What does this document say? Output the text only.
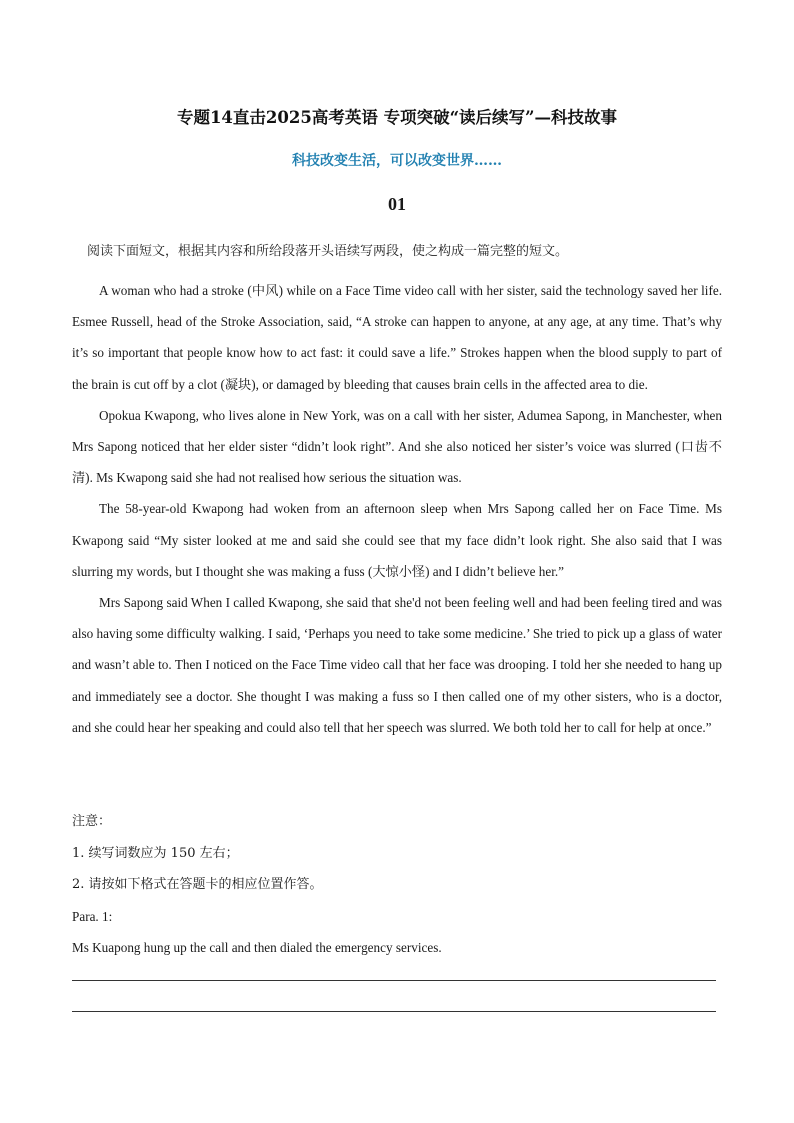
专题14直击2025高考英语 专项突破“读后续写”—科技故事
科技改变生活，可以改变世界……
01
阅读下面短文，根据其内容和所给段落开头语续写两段，使之构成一篇完整的短文。

A woman who had a stroke (中风) while on a Face Time video call with her sister, said the technology saved her life. Esmee Russell, head of the Stroke Association, said, “A stroke can happen to anyone, at any age, at any time. That’s why it’s so important that people know how to act fast: it could save a life.” Strokes happen when the blood supply to part of the brain is cut off by a clot (凝块), or damaged by bleeding that causes brain cells in the affected area to die.

Opokua Kwapong, who lives alone in New York, was on a call with her sister, Adumea Sapong, in Manchester, when Mrs Sapong noticed that her elder sister “didn’t look right”. And she also noticed her sister’s voice was slurred (口齿不清). Ms Kwapong said she had not realised how serious the situation was.

The 58-year-old Kwapong had woken from an afternoon sleep when Mrs Sapong called her on Face Time. Ms Kwapong said “My sister looked at me and said she could see that my face didn’t look right. She also said that I was slurring my words, but I thought she was making a fuss (大惊小怪) and I didn’t believe her.”

Mrs Sapong said When I called Kwapong, she said that she'd not been feeling well and had been feeling tired and was also having some difficulty walking. I said, ‘Perhaps you need to take some medicine.’ She tried to pick up a glass of water and wasn’t able to. Then I noticed on the Face Time video call that her face was drooping. I told her she needed to hang up and immediately see a doctor. She thought I was making a fuss so I then called one of my other sisters, who is a doctor, and she could hear her speaking and could also tell that her speech was slurred. We both told her to call for help at once.”

注意：
1. 续写词数应为 150 左右；
2. 请按如下格式在答题卡的相应位置作答。
Para. 1:
Ms Kuapong hung up the call and then dialed the emergency services.
